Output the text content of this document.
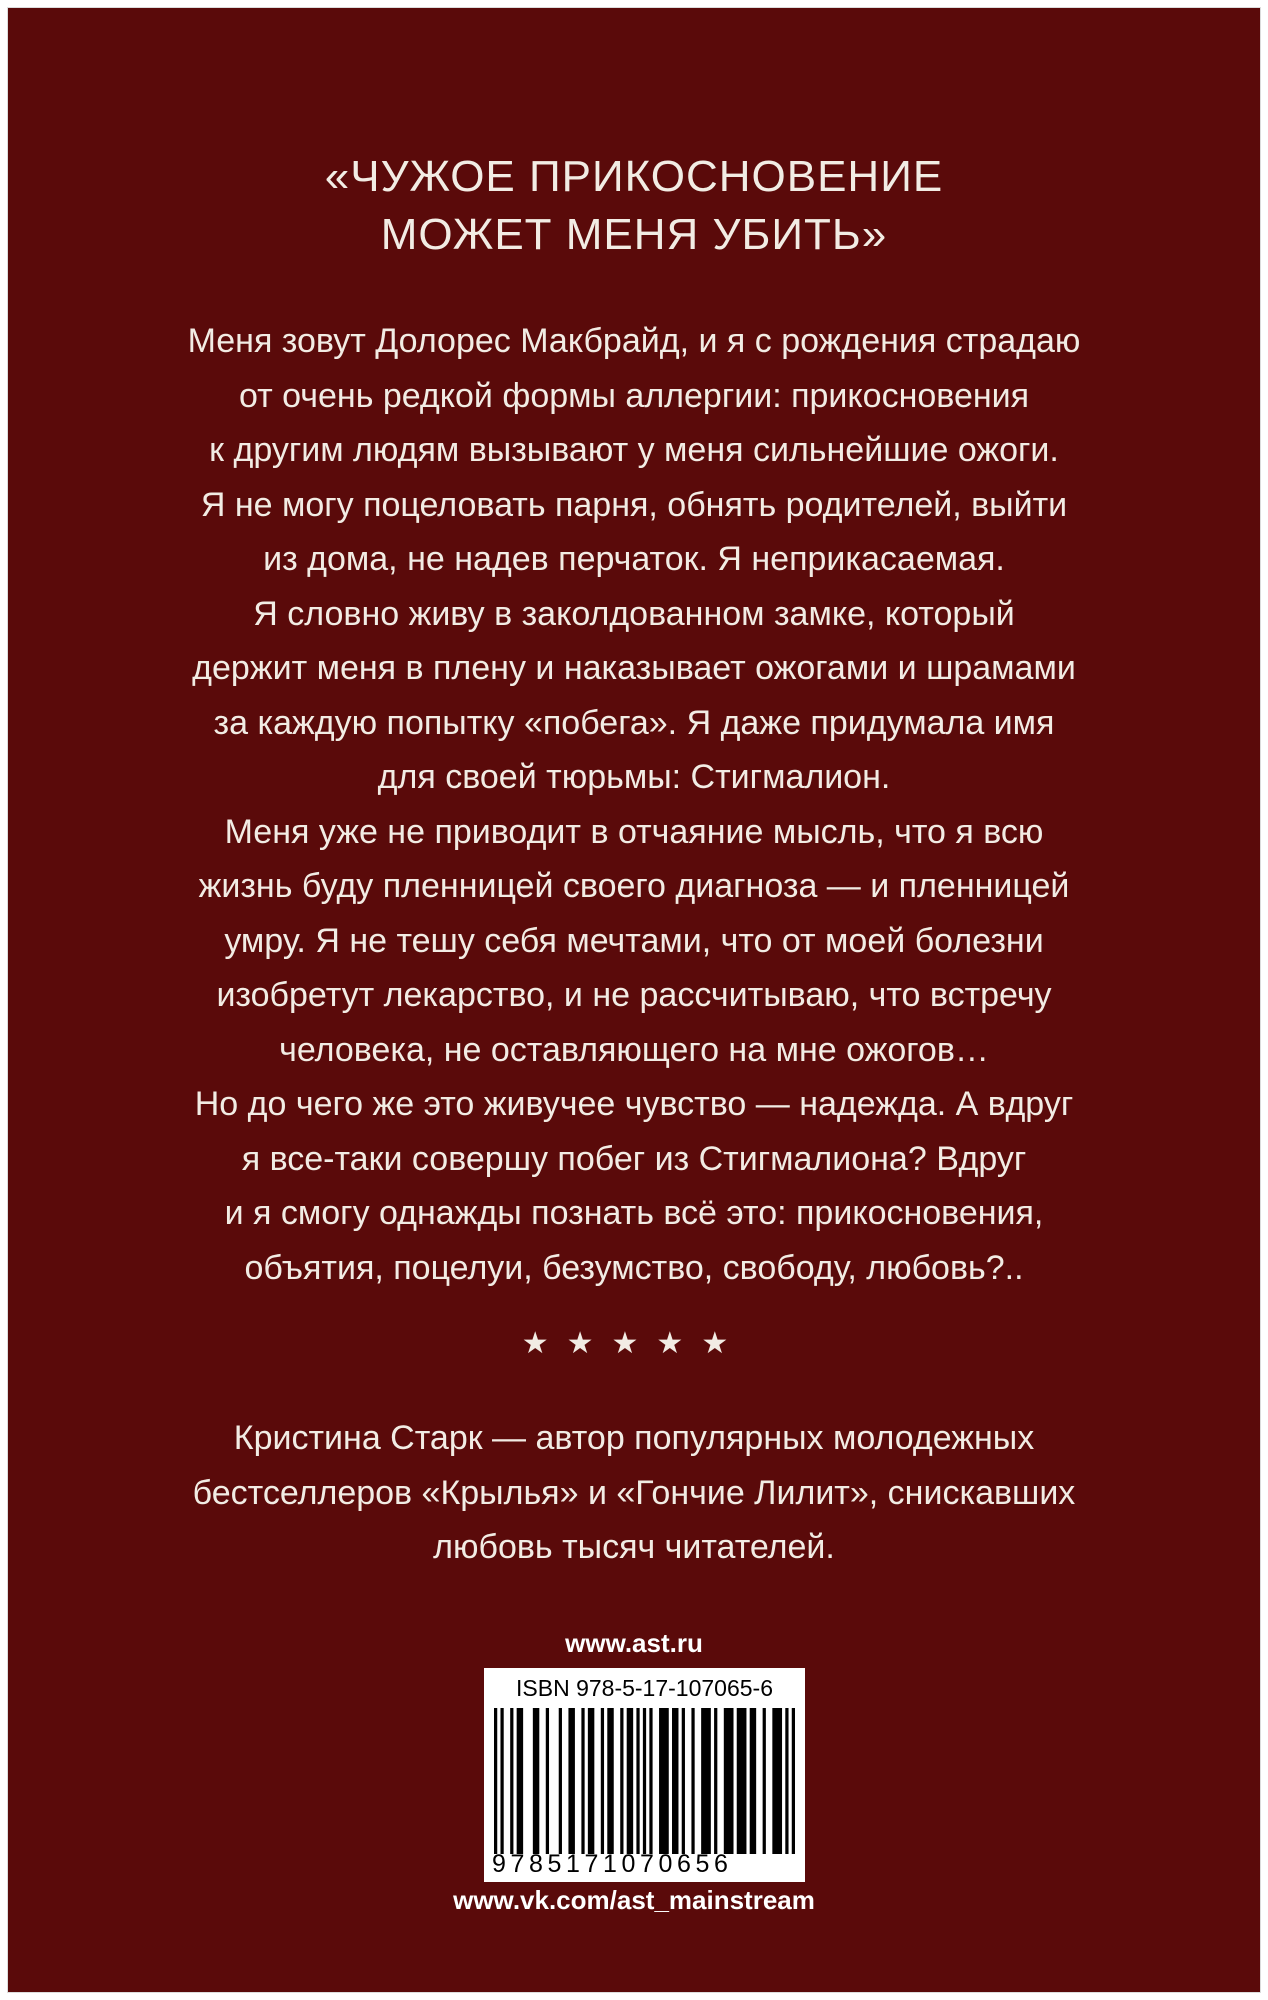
«ЧУЖОЕ ПРИКОСНОВЕНИЕ
МОЖЕТ МЕНЯ УБИТЬ»
Меня зовут Долорес Макбрайд, и я с рождения страдаю
от очень редкой формы аллергии: прикосновения
к другим людям вызывают у меня сильнейшие ожоги.
Я не могу поцеловать парня, обнять родителей, выйти
из дома, не надев перчаток. Я неприкасаемая.
Я словно живу в заколдованном замке, который
держит меня в плену и наказывает ожогами и шрамами
за каждую попытку «побега». Я даже придумала имя
для своей тюрьмы: Стигмалион.
Меня уже не приводит в отчаяние мысль, что я всю
жизнь буду пленницей своего диагноза — и пленницей
умру. Я не тешу себя мечтами, что от моей болезни
изобретут лекарство, и не рассчитываю, что встречу
человека, не оставляющего на мне ожогов…
Но до чего же это живучее чувство — надежда. А вдруг
я все-таки совершу побег из Стигмалиона? Вдруг
и я смогу однажды познать всё это: прикосновения,
объятия, поцелуи, безумство, свободу, любовь?..
★★★★★
Кристина Старк — автор популярных молодежных
бестселлеров «Крылья» и «Гончие Лилит», снискавших
любовь тысяч читателей.
www.ast.ru
ISBN 978-5-17-107065-6
9785171070656
www.vk.com/ast_mainstream
